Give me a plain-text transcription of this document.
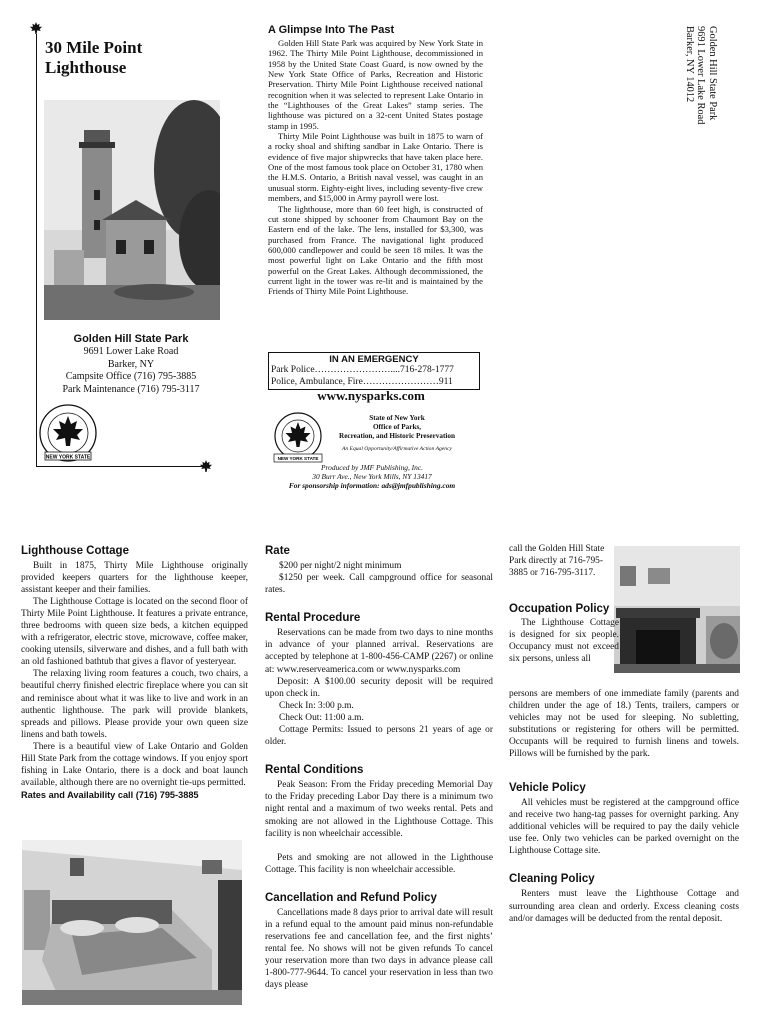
30 Mile Point
Lighthouse
Golden Hill State Park
9691 Lower Lake Road
Barker, NY
Campsite Office (716) 795-3885
Park Maintenance (716) 795-3117
NEW YORK STATE
A Glimpse Into The Past

Golden Hill State Park was acquired by New York State in 1962. The Thirty Mile Point Lighthouse, decommissioned in 1958 by the United State Coast Guard, is now owned by the New York State Office of Parks, Recreation and Historic Preservation. Thirty Mile Point Lighthouse received national recognition when it was selected to represent Lake Ontario in the “Lighthouses of the Great Lakes” stamp series. The lighthouse was pictured on a 32-cent United States postage stamp in 1995.

Thirty Mile Point Lighthouse was built in 1875 to warn of a rocky shoal and shifting sandbar in Lake Ontario. There is evidence of five major shipwrecks that have taken place here. One of the most famous took place on October 31, 1780 when the H.M.S. Ontario, a British naval vessel, was caught in an unusual storm. Eighty-eight lives, including seventy-five crew members, and $15,000 in Army payroll were lost.

The lighthouse, more than 60 feet high, is constructed of cut stone shipped by schooner from Chaumont Bay on the Eastern end of the lake. The lens, installed for $3,300, was purchased from France. The navigational light produced 600,000 candlepower and could be seen 18 miles. It was the most powerful light on Lake Ontario and the fifth most powerful on the Great Lakes. Although decommissioned, the current light in the tower was re-lit and is maintained by the Friends of Thirty Mile Point Lighthouse.

IN AN EMERGENCY
Park Police……………………....716-278-1777
Police, Ambulance, Fire……………………911
www.nysparks.com
NEW YORK STATE
State of New York
Office of Parks,
Recreation, and Historic Preservation
An Equal Opportunity/Affirmative Action Agency
Produced by JMF Publishing, Inc.
30 Burr Ave., New York Mills, NY 13417
For sponsorship information: ads@jmfpublishing.com
Golden Hill State Park
9691 Lower Lake Road
Barker, NY 14012
Lighthouse Cottage

Built in 1875, Thirty Mile Lighthouse originally provided keepers quarters for the lighthouse keeper, assistant keeper and their families.

The Lighthouse Cottage is located on the second floor of Thirty Mile Point Lighthouse. It features a private entrance, three bedrooms with queen size beds, a kitchen equipped with a refrigerator, electric stove, microwave, coffee maker, cooking utensils, silverware and dishes, and a full bath with an old fashioned bathtub that gives a flavor of yesteryear.

The relaxing living room features a couch, two chairs, a beautiful cherry finished electric fireplace where you can sit and reminisce about what it was like to live and work in an authentic lighthouse. The park will provide blankets, spreads and pillows. Please provide your own queen size linens and bath towels.

There is a beautiful view of Lake Ontario and Golden Hill State Park from the cottage windows. If you enjoy sport fishing in Lake Ontario, there is a dock and boat launch available, although there are no overnight tie-ups permitted.

Rates and Availability call (716) 795-3885

Rate

$200 per night/2 night minimum

$1250 per week. Call campground office for seasonal rates.

Rental Procedure

Reservations can be made from two days to nine months in advance of your planned arrival. Reservations are accepted by telephone at 1-800-456-CAMP (2267) or online at: www.reserveamerica.com or www.nysparks.com

Deposit: A $100.00 security deposit will be required upon check in.

Check In: 3:00 p.m.

Check Out: 11:00 a.m.

Cottage Permits: Issued to persons 21 years of age or older.

Rental Conditions

Peak Season: From the Friday preceding Memorial Day to the Friday preceding Labor Day there is a minimum two night rental and a maximum of two weeks rental. Pets and smoking are not allowed in the Lighthouse Cottage. This facility is non wheelchair accessible.

Pets and smoking are not allowed in the Lighthouse Cottage. This facility is non wheelchair accessible.

Cancellation and Refund Policy

Cancellations made 8 days prior to arrival date will result in a refund equal to the amount paid minus non-refundable reservations fee and cancellation fee, and the first nights’ rental fee. No shows will not be given refunds To cancel your reservation more than two days in advance please call 1-800-777-9644. To cancel your reservation in less than two days please

call the Golden Hill State Park directly at 716-795-3885 or 716-795-3117.

Occupation Policy

The Lighthouse Cottage is designed for six people. Occupancy must not exceed six persons, unless all

persons are members of one immediate family (parents and children under the age of 18.) Tents, trailers, campers or vehicles may not be used for sleeping. No subletting, substitutions or registering for others will be permitted. Occupants will be required to furnish linens and towels. Pillows will be furnished by the park.

Vehicle Policy

All vehicles must be registered at the campground office and receive two hang-tag passes for overnight parking. Any additional vehicles will be required to pay the daily vehicle use fee. Only two vehicles can be parked overnight on the Lighthouse Cottage site.

Cleaning Policy

Renters must leave the Lighthouse Cottage and surrounding area clean and orderly. Excess cleaning costs and/or damages will be deducted from the rental deposit.
